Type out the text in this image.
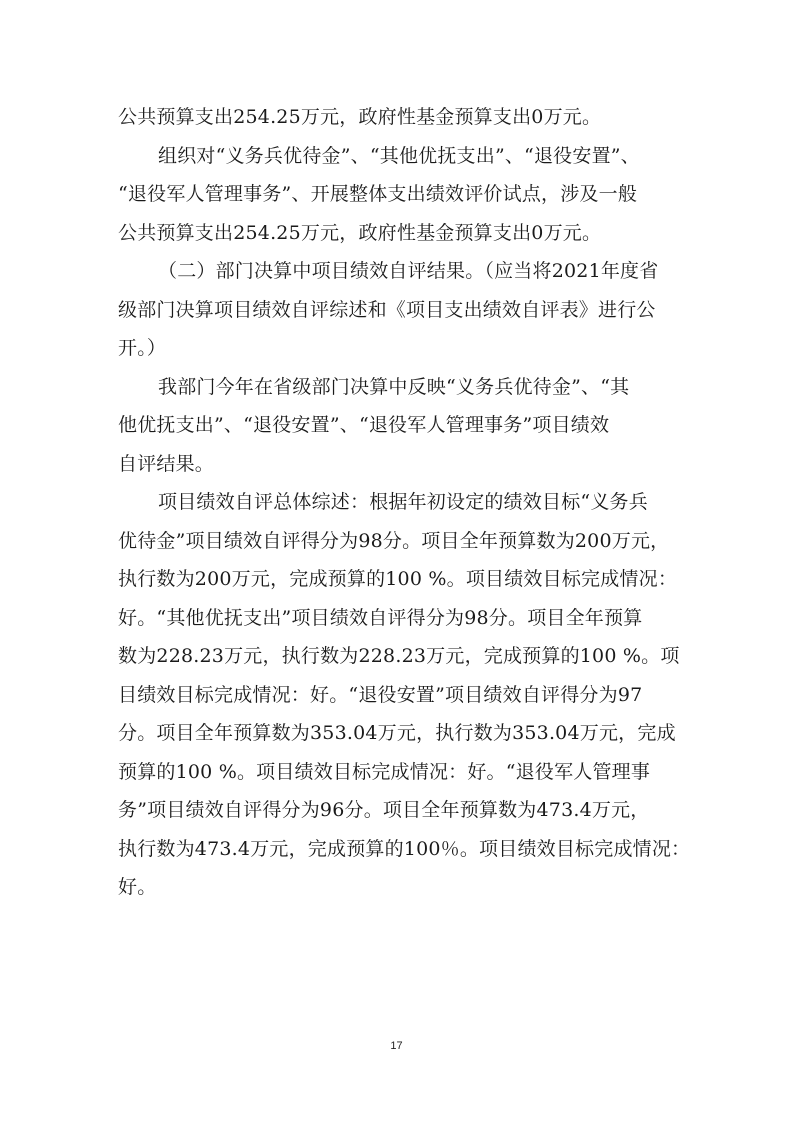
公共预算支出254.25万元，政府性基金预算支出0万元。

组织对“义务兵优待金”、“其他优抚支出”、“退役安置”、
“退役军人管理事务”、开展整体支出绩效评价试点，涉及一般
公共预算支出254.25万元，政府性基金预算支出0万元。

（二）部门决算中项目绩效自评结果。（应当将2021年度省
级部门决算项目绩效自评综述和《项目支出绩效自评表》进行公
开。）

我部门今年在省级部门决算中反映“义务兵优待金”、“其
他优抚支出”、“退役安置”、“退役军人管理事务”项目绩效
自评结果。

项目绩效自评总体综述：根据年初设定的绩效目标“义务兵
优待金”项目绩效自评得分为98分。项目全年预算数为200万元，
执行数为200万元，完成预算的100 %。项目绩效目标完成情况：
好。“其他优抚支出”项目绩效自评得分为98分。项目全年预算
数为228.23万元，执行数为228.23万元，完成预算的100 %。项
目绩效目标完成情况：好。“退役安置”项目绩效自评得分为97
分。项目全年预算数为353.04万元，执行数为353.04万元，完成
预算的100 %。项目绩效目标完成情况：好。“退役军人管理事
务”项目绩效自评得分为96分。项目全年预算数为473.4万元，
执行数为473.4万元，完成预算的100％。项目绩效目标完成情况：
好。

17
